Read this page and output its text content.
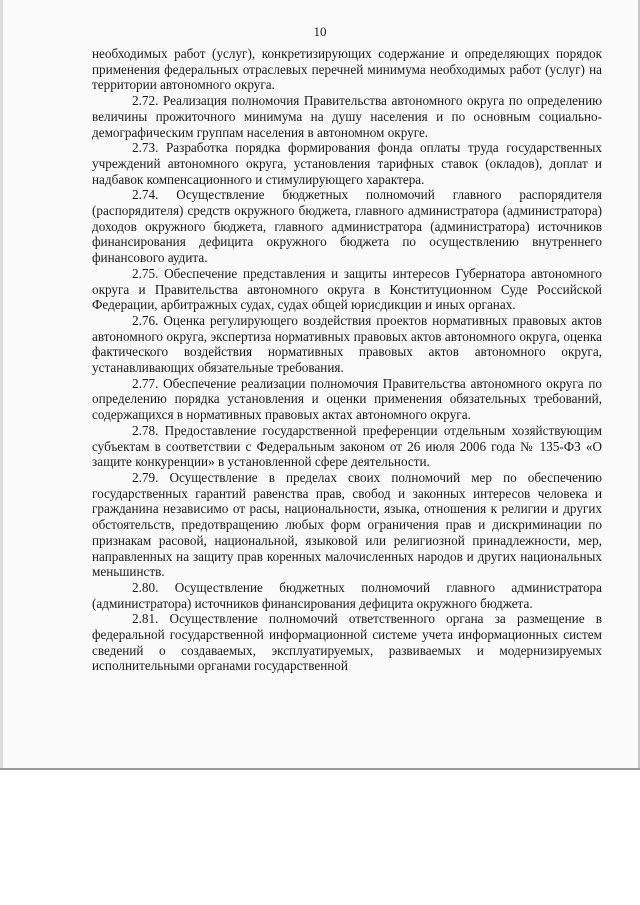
10

необходимых работ (услуг), конкретизирующих содержание и определяющих порядок применения федеральных отраслевых перечней минимума необходимых работ (услуг) на территории автономного округа.

2.72. Реализация полномочия Правительства автономного округа по определению величины прожиточного минимума на душу населения и по основным социально-демографическим группам населения в автономном округе.

2.73. Разработка порядка формирования фонда оплаты труда государственных учреждений автономного округа, установления тарифных ставок (окладов), доплат и надбавок компенсационного и стимулирующего характера.

2.74. Осуществление бюджетных полномочий главного распорядителя (распорядителя) средств окружного бюджета, главного администратора (администратора) доходов окружного бюджета, главного администратора (администратора) источников финансирования дефицита окружного бюджета по осуществлению внутреннего финансового аудита.

2.75. Обеспечение представления и защиты интересов Губернатора автономного округа и Правительства автономного округа в Конституционном Суде Российской Федерации, арбитражных судах, судах общей юрисдикции и иных органах.

2.76. Оценка регулирующего воздействия проектов нормативных правовых актов автономного округа, экспертиза нормативных правовых актов автономного округа, оценка фактического воздействия нормативных правовых актов автономного округа, устанавливающих обязательные требования.

2.77. Обеспечение реализации полномочия Правительства автономного округа по определению порядка установления и оценки применения обязательных требований, содержащихся в нормативных правовых актах автономного округа.

2.78. Предоставление государственной преференции отдельным хозяйствующим субъектам в соответствии с Федеральным законом от 26 июля 2006 года № 135-ФЗ «О защите конкуренции» в установленной сфере деятельности.

2.79. Осуществление в пределах своих полномочий мер по обеспечению государственных гарантий равенства прав, свобод и законных интересов человека и гражданина независимо от расы, национальности, языка, отношения к религии и других обстоятельств, предотвращению любых форм ограничения прав и дискриминации по признакам расовой, национальной, языковой или религиозной принадлежности, мер, направленных на защиту прав коренных малочисленных народов и других национальных меньшинств.

2.80. Осуществление бюджетных полномочий главного администратора (администратора) источников финансирования дефицита окружного бюджета.

2.81. Осуществление полномочий ответственного органа за размещение в федеральной государственной информационной системе учета информационных систем сведений о создаваемых, эксплуатируемых, развиваемых и модернизируемых исполнительными органами государственной
